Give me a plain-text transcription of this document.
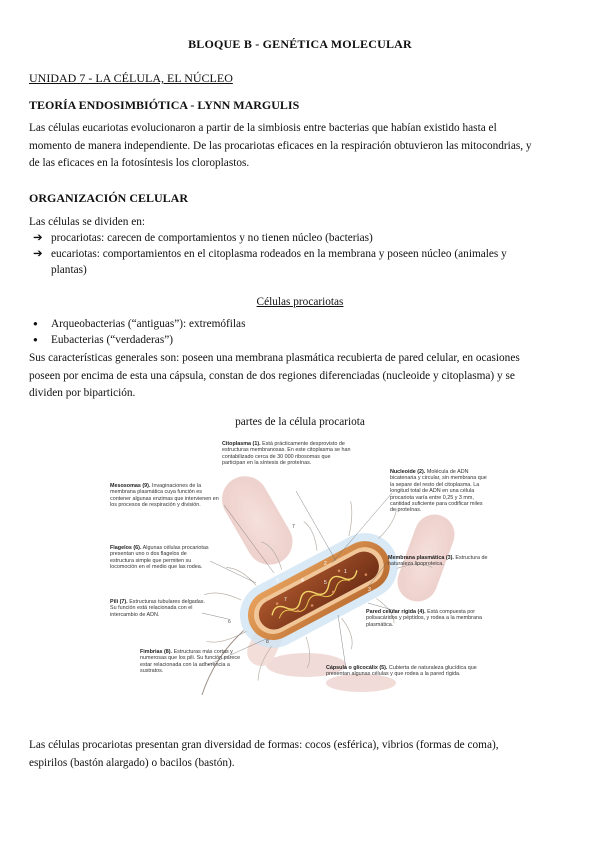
BLOQUE B - GENÉTICA MOLECULAR
UNIDAD 7 - LA CÉLULA, EL NÚCLEO
TEORÍA ENDOSIMBIÓTICA - LYNN MARGULIS
Las células eucariotas evolucionaron a partir de la simbiosis entre bacterias que habían existido hasta el
momento de manera independiente. De las procariotas eficaces en la respiración obtuvieron las mitocondrias, y
de las eficaces en la fotosíntesis los cloroplastos.
ORGANIZACIÓN CELULAR
Las células se dividen en:
➔ procariotas: carecen de comportamientos y no tienen núcleo (bacterias)
➔ eucariotas: comportamientos en el citoplasma rodeados en la membrana y poseen núcleo (animales y
plantas)
Células procariotas
● Arqueobacterias (“antiguas”): extremófilas
● Eubacterias (“verdaderas”)
Sus características generales son: poseen una membrana plasmática recubierta de pared celular, en ocasiones
poseen por encima de esta una cápsula, constan de dos regiones diferenciadas (nucleoide y citoplasma) y se
dividen por bipartición.
partes de la célula procariota
2
1
3
5
4
9
7
7
6
8
Citoplasma (1). Está prácticamente desprovisto de estructuras membranosas. En este citoplasma se han contabilizado cerca de 30 000 ribosomas que participan en la síntesis de proteínas.
Mesosomas (9). Invaginaciones de la membrana plasmática cuya función es contener algunas enzimas que intervienen en los procesos de respiración y división.
Nucleoide (2). Molécula de ADN bicatenaria y circular, sin membrana que la separe del resto del citoplasma. La longitud total de ADN en una célula procariota varía entre 0,25 y 3 mm, cantidad suficiente para codificar miles de proteínas.
Flagelos (6). Algunas células procariotas presentan uno o dos flagelos de estructura simple que permiten su locomoción en el medio que las rodea.
Membrana plasmática (3). Estructura de naturaleza lipoproteica.
Pili (7). Estructuras tubulares delgadas. Su función está relacionada con el intercambio de ADN.	Pared celular rígida (4). Está compuesta por polisacáridos y péptidos, y rodea a la membrana plasmática.
Fimbrias (8). Estructuras más cortas y numerosas que los pili. Su función parece estar relacionada con la adherencia a sustratos.
Cápsula o glicocálix (5). Cubierta de naturaleza glucídica que presentan algunas células y que rodea a la pared rígida.
Las células procariotas presentan gran diversidad de formas: cocos (esférica), vibrios (formas de coma),
espirilos (bastón alargado) o bacilos (bastón).
